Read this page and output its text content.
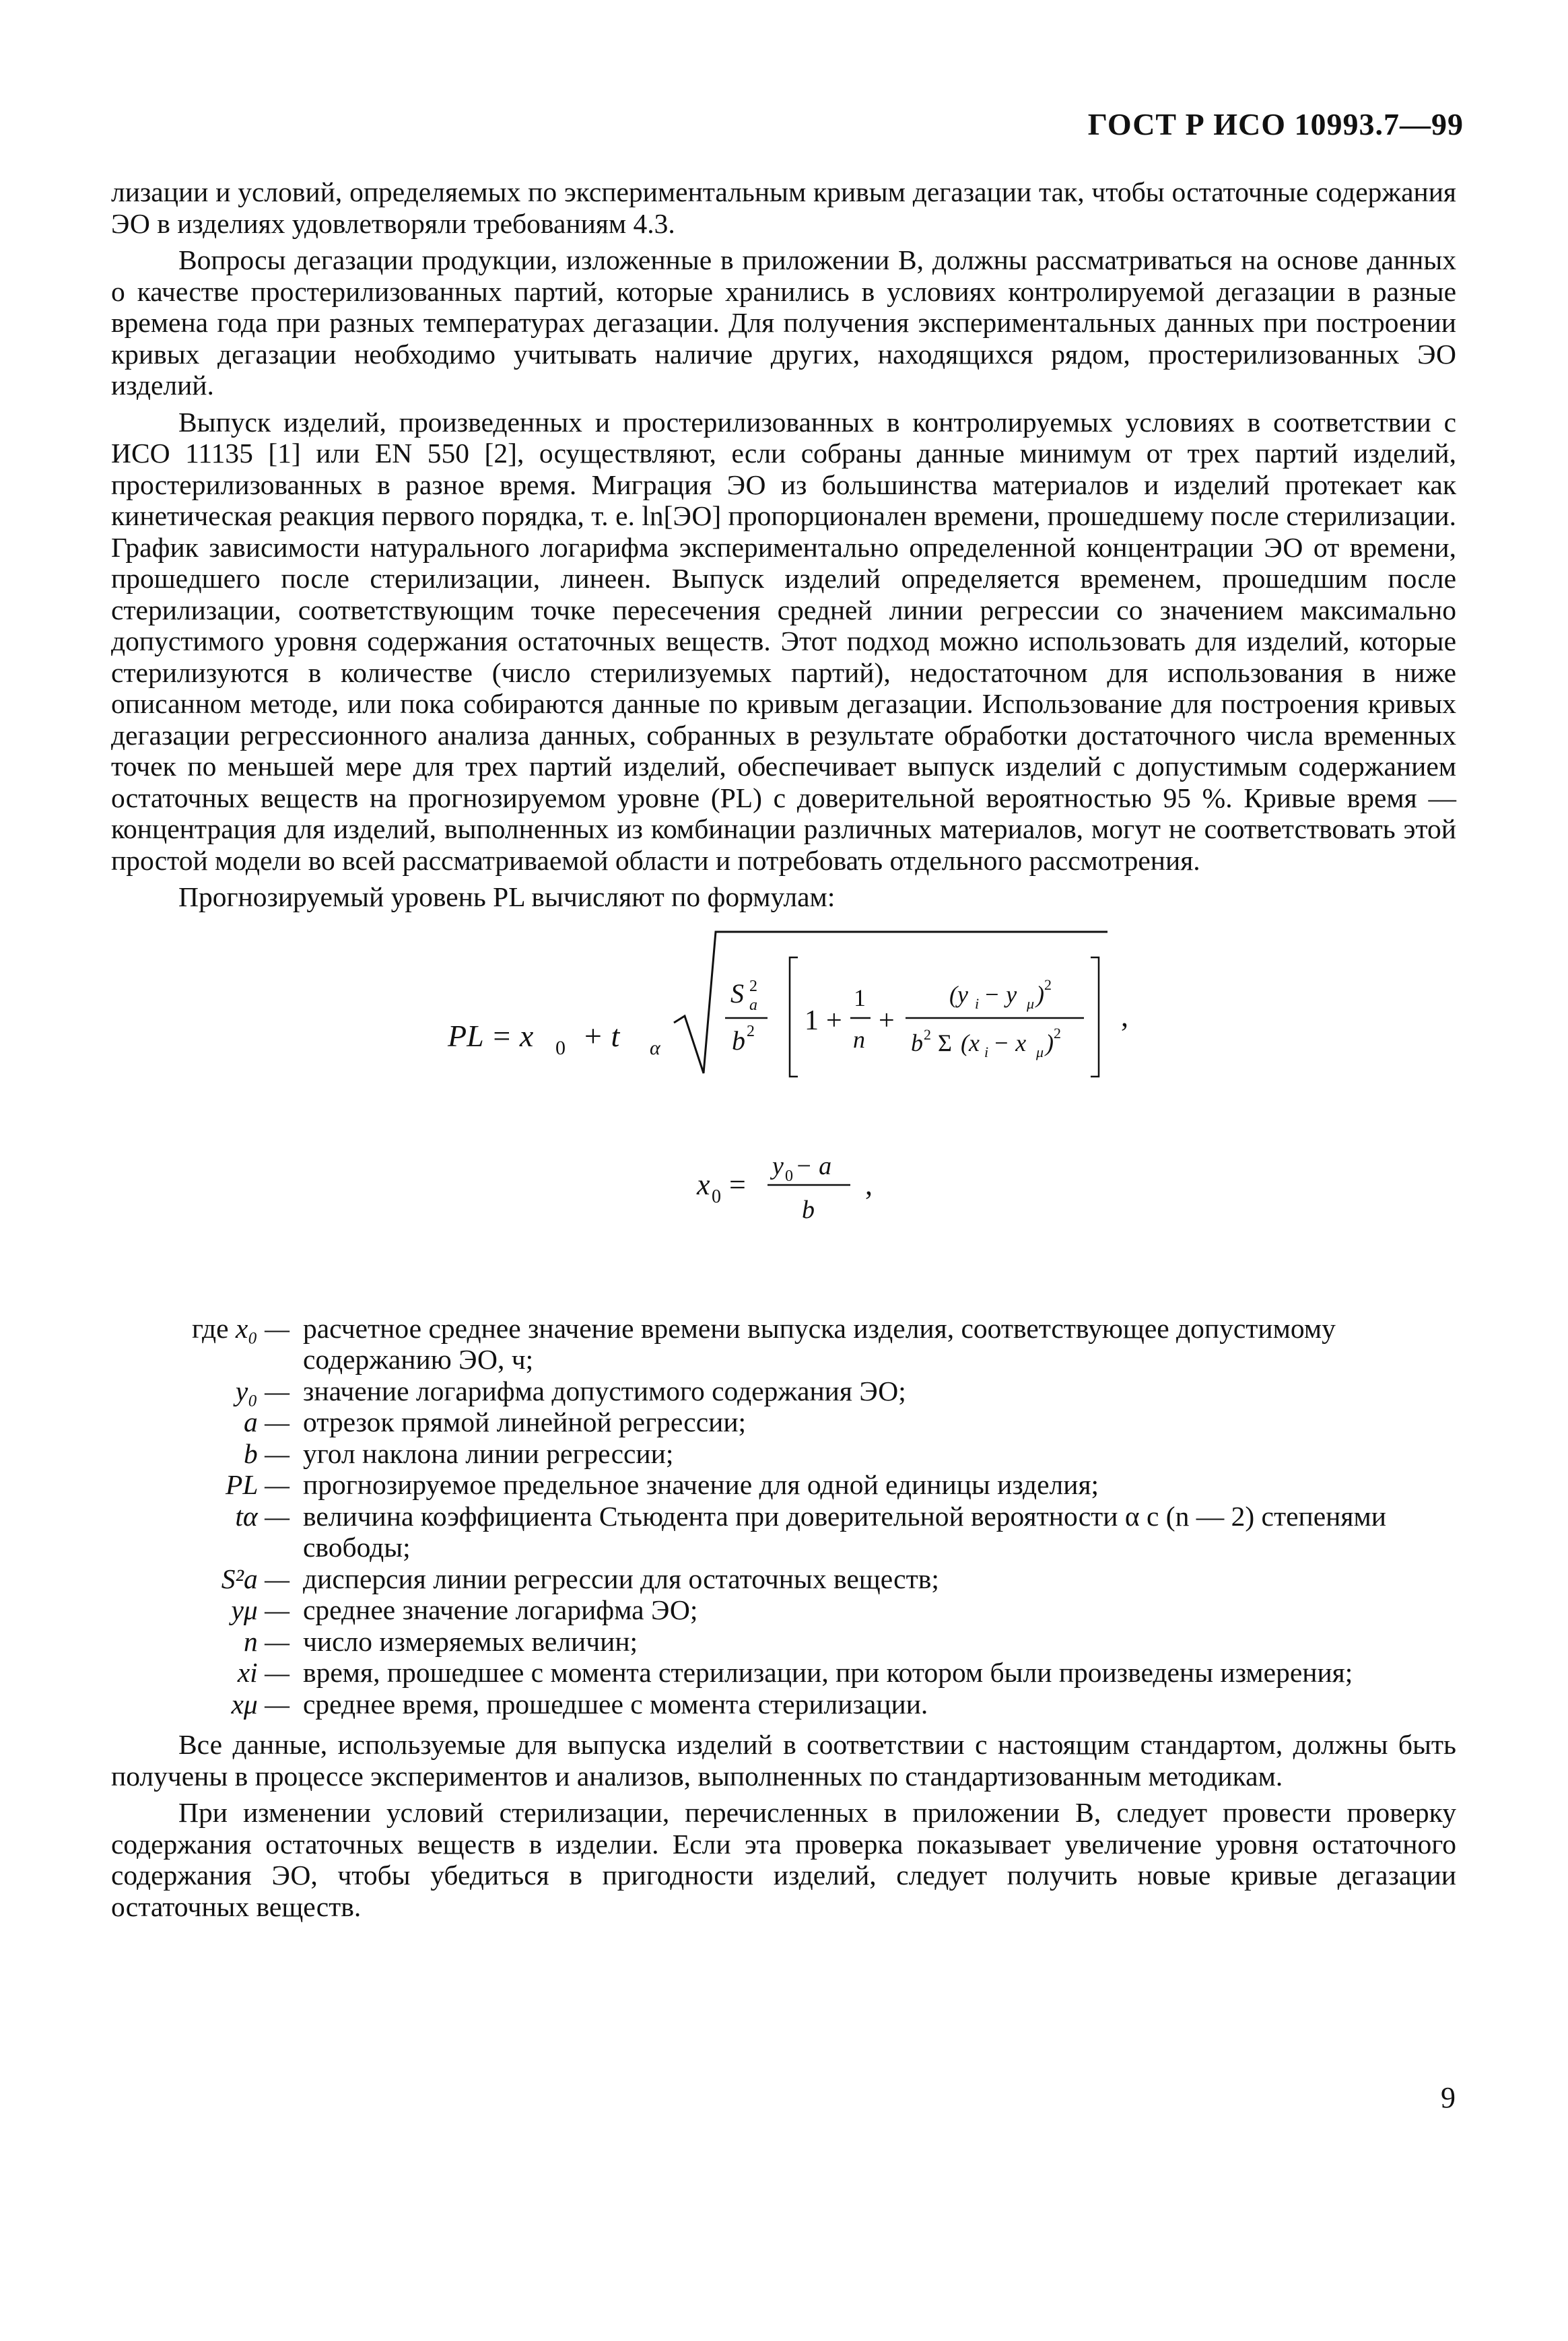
ГОСТ Р ИСО 10993.7—99

лизации и условий, определяемых по экспериментальным кривым дегазации так, чтобы остаточные содержания ЭО в изделиях удовлетворяли требованиям 4.3.

Вопросы дегазации продукции, изложенные в приложении В, должны рассматриваться на основе данных о качестве простерилизованных партий, которые хранились в условиях контролируемой дегазации в разные времена года при разных температурах дегазации. Для получения экспериментальных данных при построении кривых дегазации необходимо учитывать наличие других, находящихся рядом, простерилизованных ЭО изделий.

Выпуск изделий, произведенных и простерилизованных в контролируемых условиях в соответствии с ИСО 11135 [1] или EN 550 [2], осуществляют, если собраны данные минимум от трех партий изделий, простерилизованных в разное время. Миграция ЭО из большинства материалов и изделий протекает как кинетическая реакция первого порядка, т. е. ln[ЭО] пропорционален времени, прошедшему после стерилизации. График зависимости натурального логарифма экспериментально определенной концентрации ЭО от времени, прошедшего после стерилизации, линеен. Выпуск изделий определяется временем, прошедшим после стерилизации, соответствующим точке пересечения средней линии регрессии со значением максимально допустимого уровня содержания остаточных веществ. Этот подход можно использовать для изделий, которые стерилизуются в количестве (число стерилизуемых партий), недостаточном для использования в ниже описанном методе, или пока собираются данные по кривым дегазации. Использование для построения кривых дегазации регрессионного анализа данных, собранных в результате обработки достаточного числа временных точек по меньшей мере для трех партий изделий, обеспечивает выпуск изделий с допустимым содержанием остаточных веществ на прогнозируемом уровне (PL) с доверительной вероятностью 95 %. Кривые время — концентрация для изделий, выполненных из комбинации различных материалов, могут не соответствовать этой простой модели во всей рассматриваемой области и потребовать отдельного рассмотрения.

Прогнозируемый уровень PL вычисляют по формулам:

PL = x 0 + t α
S 2
a
b 2 1 +
1
n
+
(y i − y μ ) 2
b 2 Σ (x i − x μ ) 2
,
x 0 =
y 0 − a
b
,
где x₀ — расчетное среднее значение времени выпуска изделия, соответствующее допустимому содержанию ЭО, ч;
y₀ — значение логарифма допустимого содержания ЭО;
a — отрезок прямой линейной регрессии;
b — угол наклона линии регрессии;
PL — прогнозируемое предельное значение для одной единицы изделия;
tα — величина коэффициента Стьюдента при доверительной вероятности α с (n — 2) степенями свободы;
S²a — дисперсия линии регрессии для остаточных веществ;
yμ — среднее значение логарифма ЭО;
n — число измеряемых величин;
xi — время, прошедшее с момента стерилизации, при котором были произведены измерения;
xμ — среднее время, прошедшее с момента стерилизации.

Все данные, используемые для выпуска изделий в соответствии с настоящим стандартом, должны быть получены в процессе экспериментов и анализов, выполненных по стандартизованным методикам.

При изменении условий стерилизации, перечисленных в приложении В, следует провести проверку содержания остаточных веществ в изделии. Если эта проверка показывает увеличение уровня остаточного содержания ЭО, чтобы убедиться в пригодности изделий, следует получить новые кривые дегазации остаточных веществ.

9
